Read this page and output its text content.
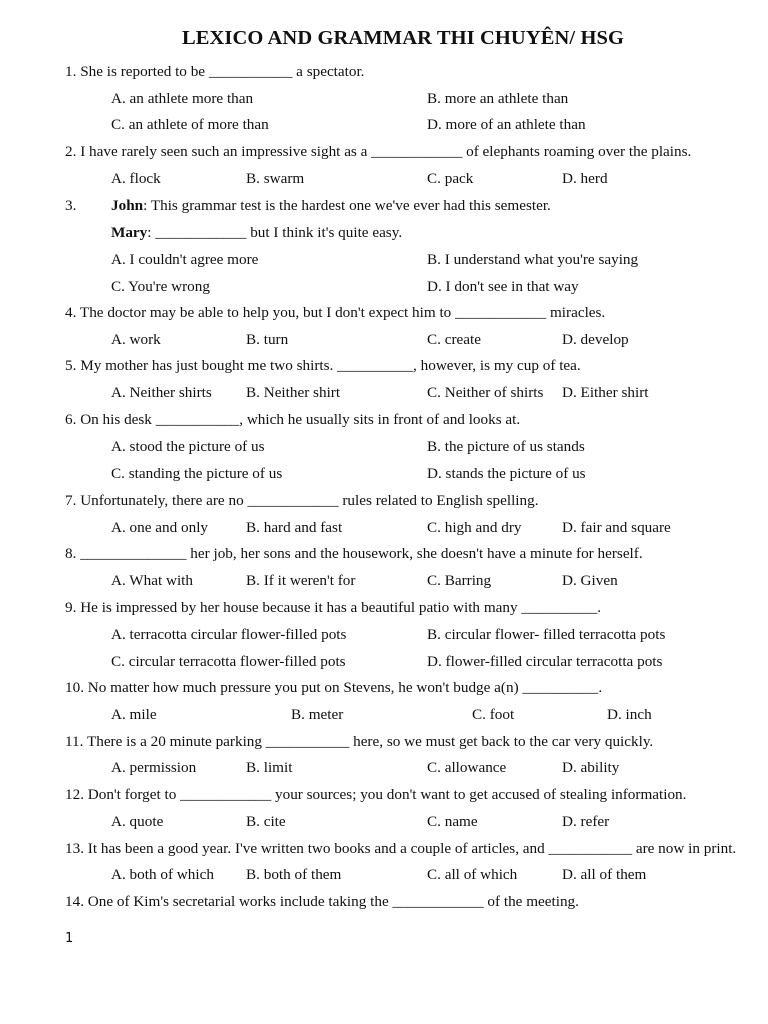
LEXICO AND GRAMMAR THI CHUYÊN/ HSG
1. She is reported to be ___________ a spectator.
A. an athlete more than	B. more an athlete than
C. an athlete of more than	D. more of an athlete than
2. I have rarely seen such an impressive sight as a ____________ of elephants roaming over the plains.
A. flock	B. swarm	C. pack	D. herd
3. John: This grammar test is the hardest one we've ever had this semester.
Mary: ____________ but I think it's quite easy.
A. I couldn't agree more	B. I understand what you're saying
C. You're wrong	D. I don't see in that way
4. The doctor may be able to help you, but I don't expect him to ____________ miracles.
A. work	B. turn	C. create	D. develop
5. My mother has just bought me two shirts. __________, however, is my cup of tea.
A. Neither shirts B. Neither shirt	C. Neither of shirts D. Either shirt
6. On his desk ___________, which he usually sits in front of and looks at.
A. stood the picture of us	B. the picture of us stands
C. standing the picture of us	D. stands the picture of us
7. Unfortunately, there are no ____________ rules related to English spelling.
A. one and only B. hard and fast	C. high and dry	D. fair and square
8. ______________ her job, her sons and the housework, she doesn't have a minute for herself.
A. What with	B. If it weren't for	C. Barring	D. Given
9. He is impressed by her house because it has a beautiful patio with many __________.
A. terracotta circular flower-filled pots	B. circular flower- filled terracotta pots
C. circular terracotta flower-filled pots	D. flower-filled circular terracotta pots
10. No matter how much pressure you put on Stevens, he won't budge a(n) __________.
A. mile	B. meter	C. foot	D. inch
11. There is a 20 minute parking ___________ here, so we must get back to the car very quickly.
A. permission	B. limit	C. allowance	D. ability
12. Don't forget to ____________ your sources; you don't want to get accused of stealing information.
A. quote	B. cite	C. name	D. refer
13. It has been a good year. I've written two books and a couple of articles, and ___________ are now in print.
A. both of which B. both of them	C. all of which	D. all of them
14. One of Kim's secretarial works include taking the ____________ of the meeting.
1
